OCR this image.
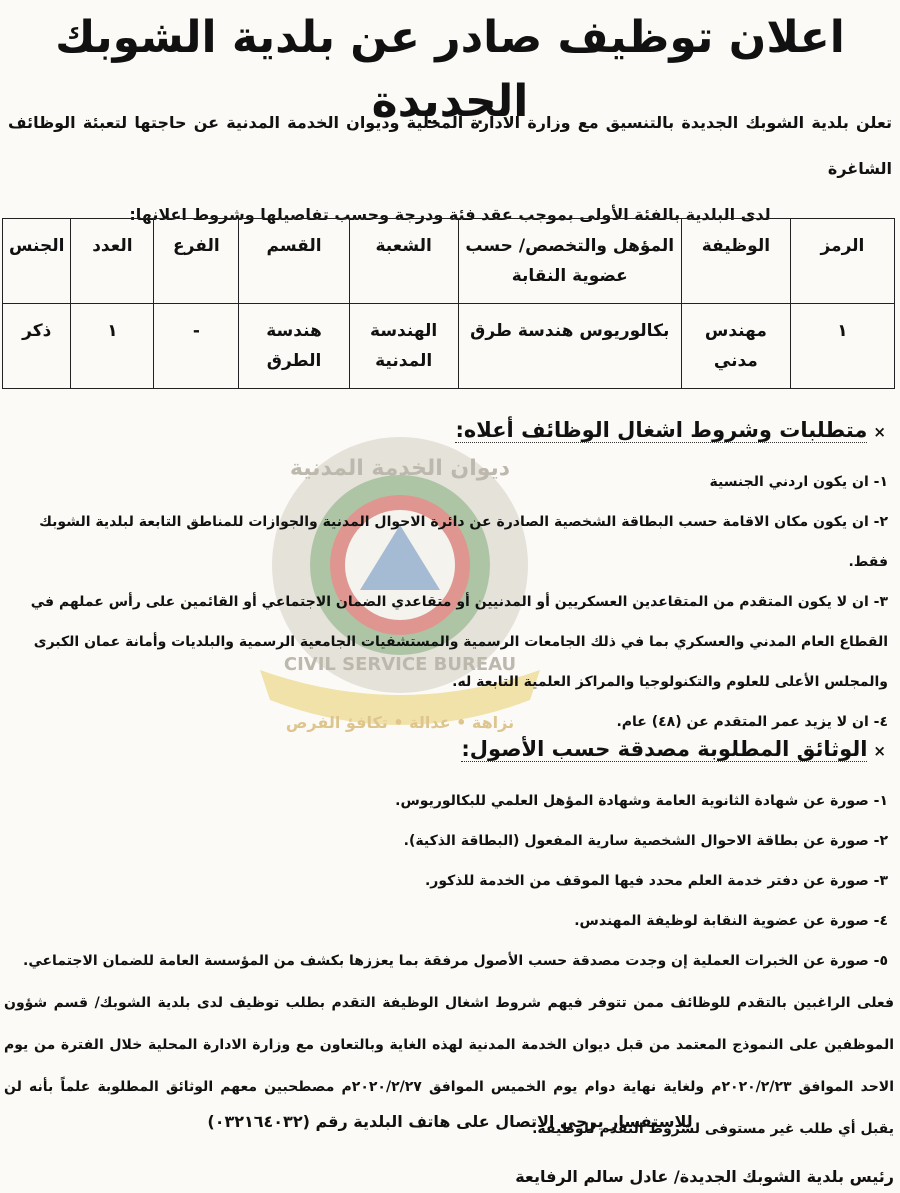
ديوان الخدمة المدنية
CIVIL SERVICE BUREAU
نزاهة • عدالة • تكافؤ الفرص
اعلان توظيف صادر عن بلدية الشوبك الجديدة
تعلن بلدية الشوبك الجديدة بالتنسيق مع وزارة الادارة المحلية وديوان الخدمة المدنية عن حاجتها لتعبئة الوظائف الشاغرة
لدى البلدية بالفئة الأولى بموجب عقد فئة ودرجة وحسب تفاصيلها وشروط اعلانها:
الرمز	الوظيفة	المؤهل والتخصص/ حسب عضوية النقابة	الشعبة	القسم	الفرع	العدد	الجنس
١	مهندس مدني	بكالوريوس هندسة طرق	الهندسة المدنية	هندسة الطرق	-	١	ذكر
×متطلبات وشروط اشغال الوظائف أعلاه:
١- ان يكون اردني الجنسية
٢- ان يكون مكان الاقامة حسب البطاقة الشخصية الصادرة عن دائرة الاحوال المدنية والجوازات للمناطق التابعة لبلدية الشوبك فقط.
٣- ان لا يكون المتقدم من المتقاعدين العسكريين أو المدنيين أو متقاعدي الضمان الاجتماعي أو القائمين على رأس عملهم في القطاع العام المدني والعسكري بما في ذلك الجامعات الرسمية والمستشفيات الجامعية الرسمية والبلديات وأمانة عمان الكبرى والمجلس الأعلى للعلوم والتكنولوجيا والمراكز العلمية التابعة له.
٤- ان لا يزيد عمر المتقدم عن (٤٨) عام.
×الوثائق المطلوبة مصدقة حسب الأصول:
١- صورة عن شهادة الثانوية العامة وشهادة المؤهل العلمي للبكالوريوس.
٢- صورة عن بطاقة الاحوال الشخصية سارية المفعول (البطاقة الذكية).
٣- صورة عن دفتر خدمة العلم محدد فيها الموقف من الخدمة للذكور.
٤- صورة عن عضوية النقابة لوظيفة المهندس.
٥- صورة عن الخبرات العملية إن وجدت مصدقة حسب الأصول مرفقة بما يعززها بكشف من المؤسسة العامة للضمان الاجتماعي.
فعلى الراغبين بالتقدم للوظائف ممن تتوفر فيهم شروط اشغال الوظيفة التقدم بطلب توظيف لدى بلدية الشوبك/ قسم شؤون الموظفين على النموذج المعتمد من قبل ديوان الخدمة المدنية لهذه الغاية وبالتعاون مع وزارة الادارة المحلية خلال الفترة من يوم الاحد الموافق ٢٠٢٠/٢/٢٣م ولغاية نهاية دوام يوم الخميس الموافق ٢٠٢٠/٢/٢٧م مصطحبين معهم الوثائق المطلوبة علماً بأنه لن يقبل أي طلب غير مستوفى لشروط التقدم للوظيفة.
للاستفسار يرجى الاتصال على هاتف البلدية رقم (٠٣٢١٦٤٠٣٢)
رئيس بلدية الشوبك الجديدة/ عادل سالم الرفايعة
